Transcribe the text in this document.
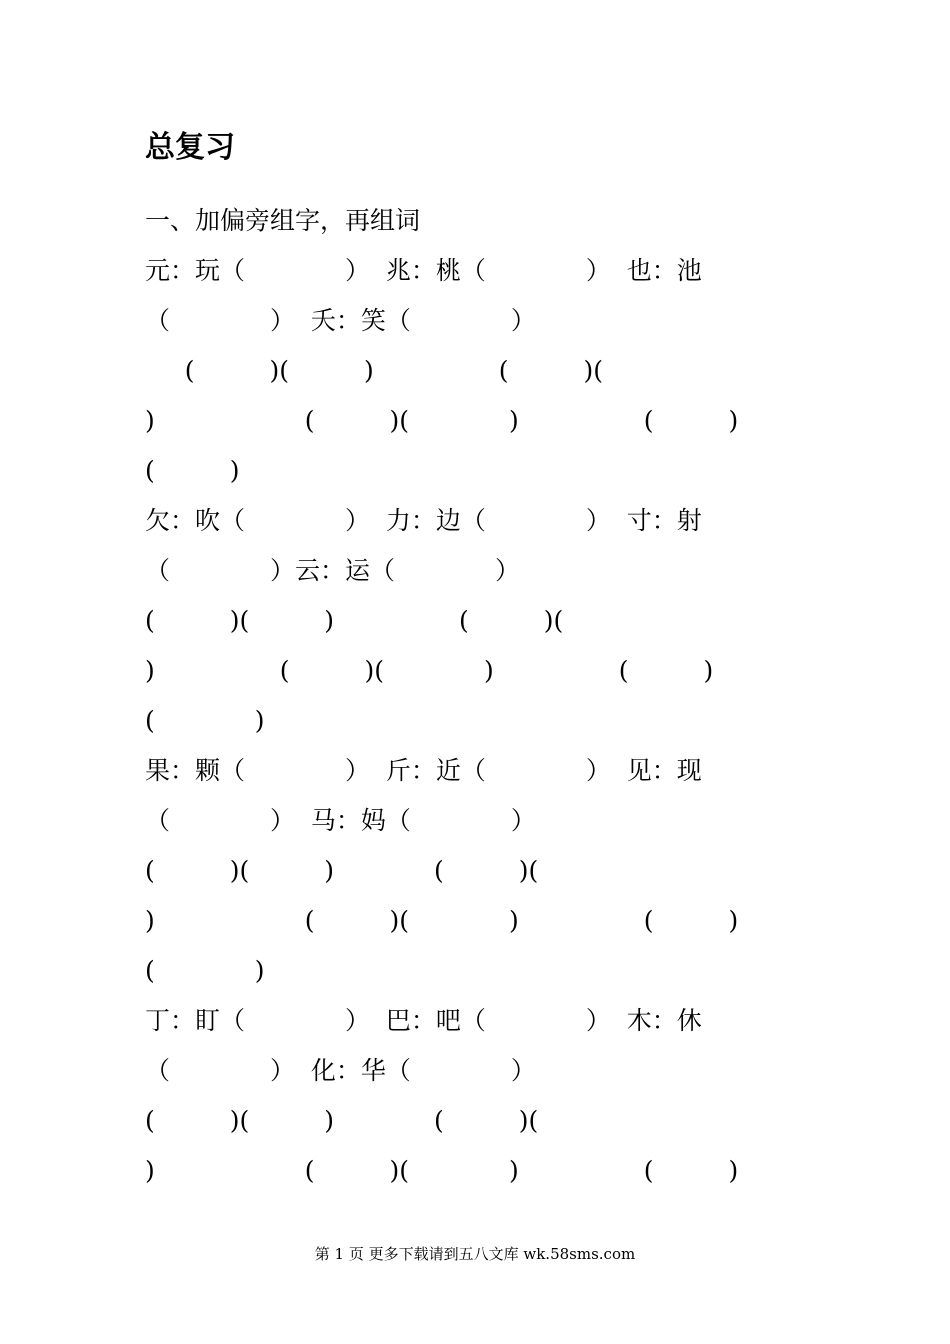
总复习
一、加偏旁组字，再组词
元：玩（　　　　）  兆：桃（　　　　）  也：池
（　　　　）  夭：笑（　　　　）
(　　　)(　　　)　　　　　(　　　)(
)　　　　　　(　　　)(　　　　)　　　　　(　　　)
(　　　)
欠：吹（　　　　）  力：边（　　　　）  寸：射
（　　　　）云：运（　　　　）
(　　　)(　　　)　　　　　(　　　)(
)　　　　　(　　　)(　　　　)　　　　　(　　　)
(　　　　)
果：颗（　　　　）  斤：近（　　　　）  见：现
（　　　　）  马：妈（　　　　）
(　　　)(　　　)　　　　(　　　)(
)　　　　　　(　　　)(　　　　)　　　　　(　　　)
(　　　　)
丁：盯（　　　　）  巴：吧（　　　　）  木：休
（　　　　）  化：华（　　　　）
(　　　)(　　　)　　　　(　　　)(
)　　　　　　(　　　)(　　　　)　　　　　(　　　)
第 1 页 更多下载请到五八文库 wk.58sms.com
